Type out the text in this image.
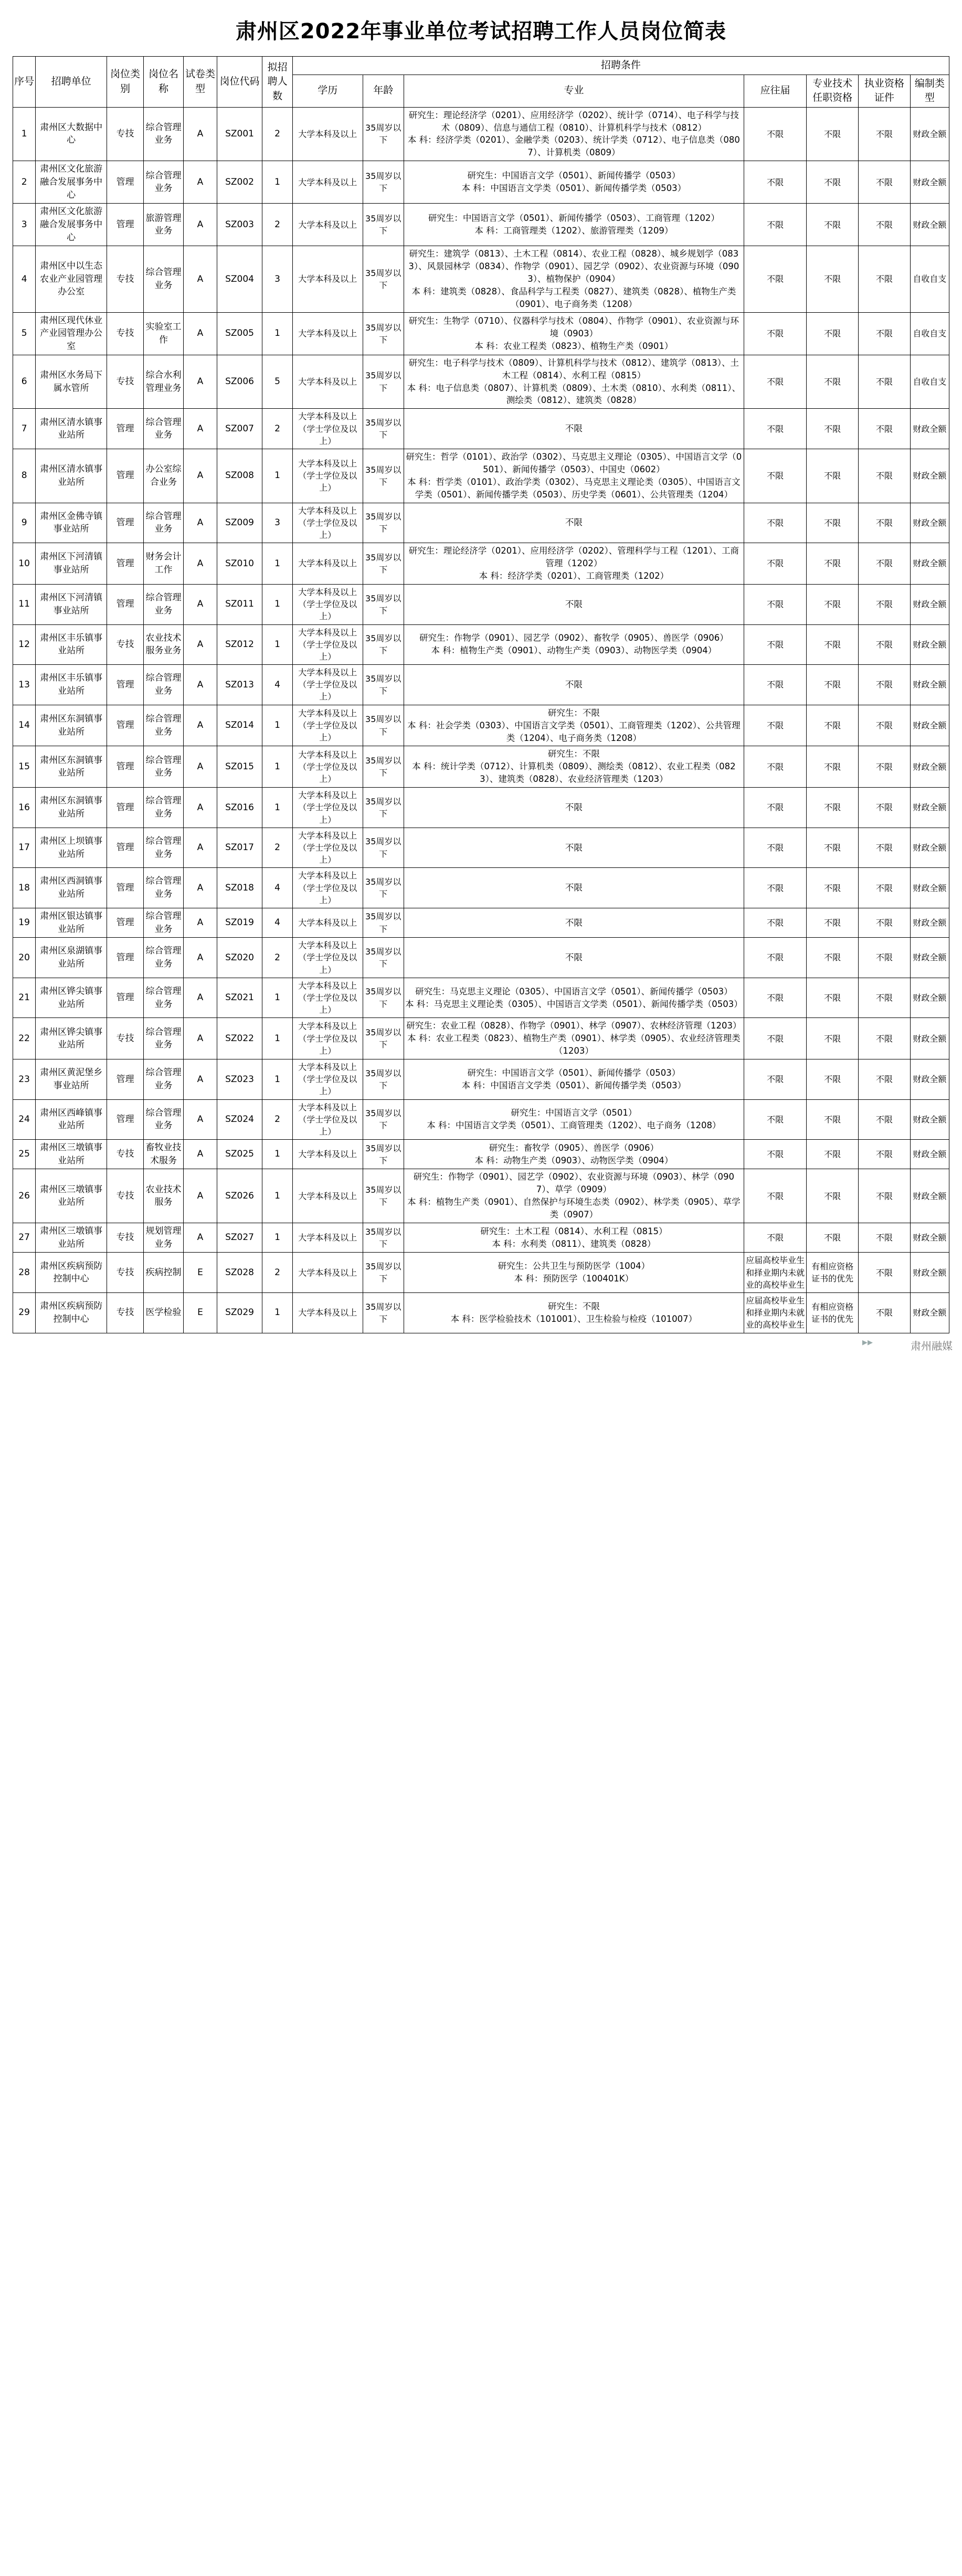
肃州区2022年事业单位考试招聘工作人员岗位简表
序号	招聘单位	岗位类别	岗位名称	试卷类型	岗位代码	拟招聘人数	招聘条件						
							学历	年龄	专业	应往届	专业技术任职资格	执业资格证件	编制类型
1	肃州区大数据中心	专技	综合管理业务	A	SZ001	2	大学本科及以上	35周岁以下	研究生：理论经济学（0201）、应用经济学（0202）、统计学（0714）、电子科学与技术（0809）、信息与通信工程（0810）、计算机科学与技术（0812）
本 科：经济学类（0201）、金融学类（0203）、统计学类（0712）、电子信息类（0807）、计算机类（0809）	不限	不限	不限	财政全额
2	肃州区文化旅游融合发展事务中心	管理	综合管理业务	A	SZ002	1	大学本科及以上	35周岁以下	研究生：中国语言文学（0501）、新闻传播学（0503）
本 科：中国语言文学类（0501）、新闻传播学类（0503）	不限	不限	不限	财政全额
3	肃州区文化旅游融合发展事务中心	管理	旅游管理业务	A	SZ003	2	大学本科及以上	35周岁以下	研究生：中国语言文学（0501）、新闻传播学（0503）、工商管理（1202）
本 科：工商管理类（1202）、旅游管理类（1209）	不限	不限	不限	财政全额
4	肃州区中以生态农业产业园管理办公室	专技	综合管理业务	A	SZ004	3	大学本科及以上	35周岁以下	研究生：建筑学（0813）、土木工程（0814）、农业工程（0828）、城乡规划学（0833）、风景园林学（0834）、作物学（0901）、园艺学（0902）、农业资源与环境（0903）、植物保护（0904）
本 科：建筑类（0828）、食品科学与工程类（0827）、建筑类（0828）、植物生产类（0901）、电子商务类（1208）	不限	不限	不限	自收自支
5	肃州区现代休业产业园管理办公室	专技	实验室工作	A	SZ005	1	大学本科及以上	35周岁以下	研究生：生物学（0710）、仪器科学与技术（0804）、作物学（0901）、农业资源与环境（0903）
本 科：农业工程类（0823）、植物生产类（0901）	不限	不限	不限	自收自支
6	肃州区水务局下属水管所	专技	综合水利管理业务	A	SZ006	5	大学本科及以上	35周岁以下	研究生：电子科学与技术（0809）、计算机科学与技术（0812）、建筑学（0813）、土木工程（0814）、水利工程（0815）
本 科：电子信息类（0807）、计算机类（0809）、土木类（0810）、水利类（0811）、测绘类（0812）、建筑类（0828）	不限	不限	不限	自收自支
7	肃州区清水镇事业站所	管理	综合管理业务	A	SZ007	2	大学本科及以上（学士学位及以上）	35周岁以下	不限	不限	不限	不限	财政全额
8	肃州区清水镇事业站所	管理	办公室综合业务	A	SZ008	1	大学本科及以上（学士学位及以上）	35周岁以下	研究生：哲学（0101）、政治学（0302）、马克思主义理论（0305）、中国语言文学（0501）、新闻传播学（0503）、中国史（0602）
本 科：哲学类（0101）、政治学类（0302）、马克思主义理论类（0305）、中国语言文学类（0501）、新闻传播学类（0503）、历史学类（0601）、公共管理类（1204）	不限	不限	不限	财政全额
9	肃州区金佛寺镇事业站所	管理	综合管理业务	A	SZ009	3	大学本科及以上（学士学位及以上）	35周岁以下	不限	不限	不限	不限	财政全额
10	肃州区下河清镇事业站所	管理	财务会计工作	A	SZ010	1	大学本科及以上	35周岁以下	研究生：理论经济学（0201）、应用经济学（0202）、管理科学与工程（1201）、工商管理（1202）
本 科：经济学类（0201）、工商管理类（1202）	不限	不限	不限	财政全额
11	肃州区下河清镇事业站所	管理	综合管理业务	A	SZ011	1	大学本科及以上（学士学位及以上）	35周岁以下	不限	不限	不限	不限	财政全额
12	肃州区丰乐镇事业站所	专技	农业技术服务业务	A	SZ012	1	大学本科及以上（学士学位及以上）	35周岁以下	研究生：作物学（0901）、园艺学（0902）、畜牧学（0905）、兽医学（0906）
本 科：植物生产类（0901）、动物生产类（0903）、动物医学类（0904）	不限	不限	不限	财政全额
13	肃州区丰乐镇事业站所	管理	综合管理业务	A	SZ013	4	大学本科及以上（学士学位及以上）	35周岁以下	不限	不限	不限	不限	财政全额
14	肃州区东洞镇事业站所	管理	综合管理业务	A	SZ014	1	大学本科及以上（学士学位及以上）	35周岁以下	研究生：不限
本 科：社会学类（0303）、中国语言文学类（0501）、工商管理类（1202）、公共管理类（1204）、电子商务类（1208）	不限	不限	不限	财政全额
15	肃州区东洞镇事业站所	管理	综合管理业务	A	SZ015	1	大学本科及以上（学士学位及以上）	35周岁以下	研究生：不限
本 科：统计学类（0712）、计算机类（0809）、测绘类（0812）、农业工程类（0823）、建筑类（0828）、农业经济管理类（1203）	不限	不限	不限	财政全额
16	肃州区东洞镇事业站所	管理	综合管理业务	A	SZ016	1	大学本科及以上（学士学位及以上）	35周岁以下	不限	不限	不限	不限	财政全额
17	肃州区上坝镇事业站所	管理	综合管理业务	A	SZ017	2	大学本科及以上（学士学位及以上）	35周岁以下	不限	不限	不限	不限	财政全额
18	肃州区西洞镇事业站所	管理	综合管理业务	A	SZ018	4	大学本科及以上（学士学位及以上）	35周岁以下	不限	不限	不限	不限	财政全额
19	肃州区银达镇事业站所	管理	综合管理业务	A	SZ019	4	大学本科及以上	35周岁以下	不限	不限	不限	不限	财政全额
20	肃州区泉湖镇事业站所	管理	综合管理业务	A	SZ020	2	大学本科及以上（学士学位及以上）	35周岁以下	不限	不限	不限	不限	财政全额
21	肃州区铧尖镇事业站所	管理	综合管理业务	A	SZ021	1	大学本科及以上（学士学位及以上）	35周岁以下	研究生：马克思主义理论（0305）、中国语言文学（0501）、新闻传播学（0503）
本 科：马克思主义理论类（0305）、中国语言文学类（0501）、新闻传播学类（0503）	不限	不限	不限	财政全额
22	肃州区铧尖镇事业站所	专技	综合管理业务	A	SZ022	1	大学本科及以上（学士学位及以上）	35周岁以下	研究生：农业工程（0828）、作物学（0901）、林学（0907）、农林经济管理（1203）
本 科：农业工程类（0823）、植物生产类（0901）、林学类（0905）、农业经济管理类（1203）	不限	不限	不限	财政全额
23	肃州区黄泥堡乡事业站所	管理	综合管理业务	A	SZ023	1	大学本科及以上（学士学位及以上）	35周岁以下	研究生：中国语言文学（0501）、新闻传播学（0503）
本 科：中国语言文学类（0501）、新闻传播学类（0503）	不限	不限	不限	财政全额
24	肃州区西峰镇事业站所	管理	综合管理业务	A	SZ024	2	大学本科及以上（学士学位及以上）	35周岁以下	研究生：中国语言文学（0501）
本 科：中国语言文学类（0501）、工商管理类（1202）、电子商务（1208）	不限	不限	不限	财政全额
25	肃州区三墩镇事业站所	专技	畜牧业技术服务	A	SZ025	1	大学本科及以上	35周岁以下	研究生：畜牧学（0905）、兽医学（0906）
本 科：动物生产类（0903）、动物医学类（0904）	不限	不限	不限	财政全额
26	肃州区三墩镇事业站所	专技	农业技术服务	A	SZ026	1	大学本科及以上	35周岁以下	研究生：作物学（0901）、园艺学（0902）、农业资源与环境（0903）、林学（0907）、草学（0909）
本 科：植物生产类（0901）、自然保护与环境生态类（0902）、林学类（0905）、草学类（0907）	不限	不限	不限	财政全额
27	肃州区三墩镇事业站所	专技	规划管理业务	A	SZ027	1	大学本科及以上	35周岁以下	研究生：土木工程（0814）、水利工程（0815）
本 科：水利类（0811）、建筑类（0828）	不限	不限	不限	财政全额
28	肃州区疾病预防控制中心	专技	疾病控制	E	SZ028	2	大学本科及以上	35周岁以下	研究生：公共卫生与预防医学（1004）
本 科：预防医学（100401K）	应届高校毕业生和择业期内未就业的高校毕业生	有相应资格证书的优先	不限	财政全额
29	肃州区疾病预防控制中心	专技	医学检验	E	SZ029	1	大学本科及以上	35周岁以下	研究生：不限
本 科：医学检验技术（101001）、卫生检验与检疫（101007）	应届高校毕业生和择业期内未就业的高校毕业生	有相应资格证书的优先	不限	财政全额
▸▸	肃州融媒
